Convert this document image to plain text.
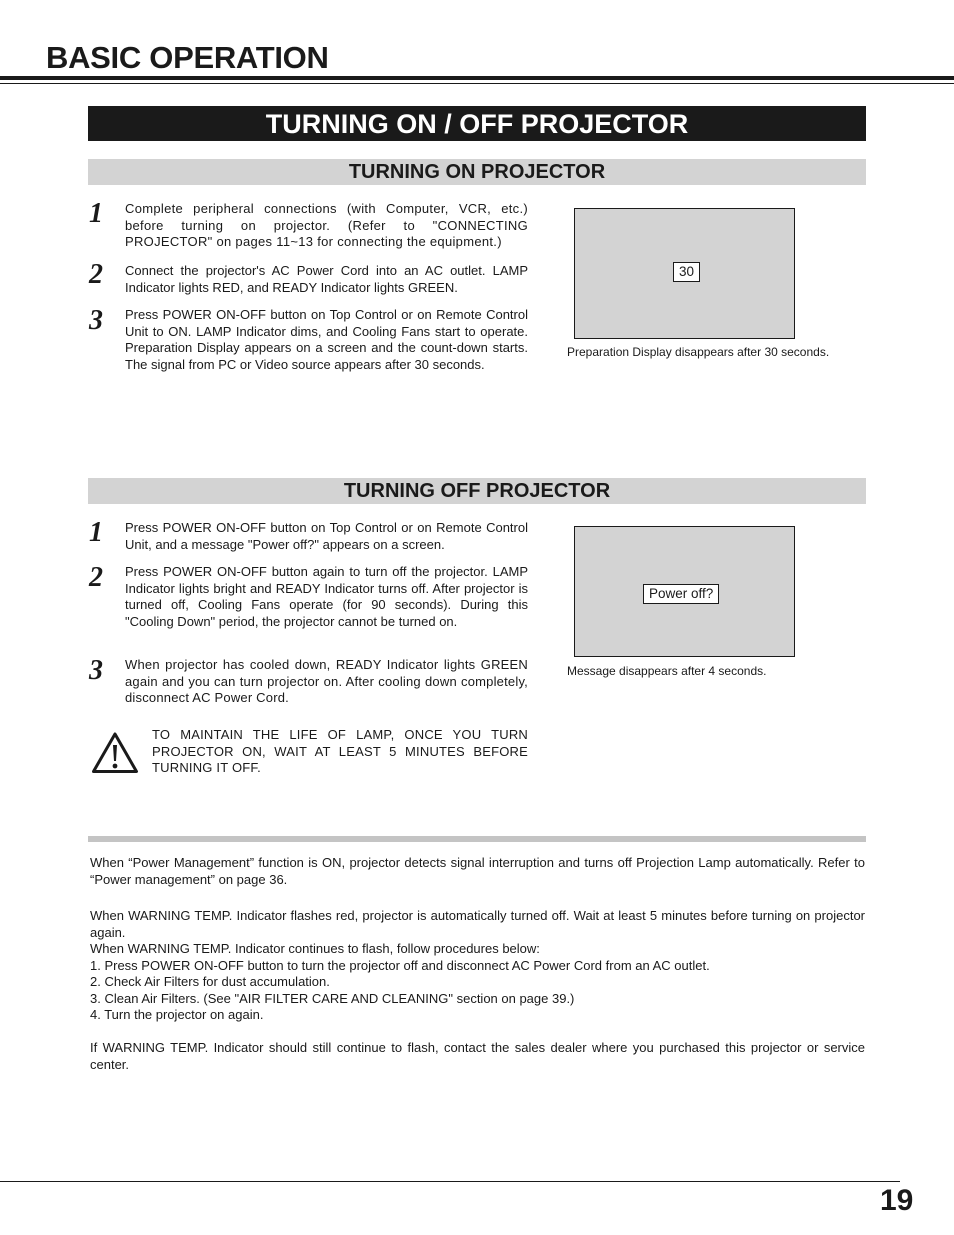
BASIC OPERATION
TURNING ON / OFF PROJECTOR
TURNING ON PROJECTOR
1 Complete peripheral connections (with Computer, VCR, etc.) before turning on projector. (Refer to "CONNECTING PROJECTOR" on pages 11~13 for connecting the equipment.)
2 Connect the projector's AC Power Cord into an AC outlet. LAMP Indicator lights RED, and READY Indicator lights GREEN.
3 Press POWER ON-OFF button on Top Control or on Remote Control Unit to ON. LAMP Indicator dims, and Cooling Fans start to operate. Preparation Display appears on a screen and the count-down starts. The signal from PC or Video source appears after 30 seconds.
30
Preparation Display disappears after 30 seconds.
TURNING OFF PROJECTOR
1 Press POWER ON-OFF button on Top Control or on Remote Control Unit, and a message "Power off?" appears on a screen.
2 Press POWER ON-OFF button again to turn off the projector. LAMP Indicator lights bright and READY Indicator turns off. After projector is turned off, Cooling Fans operate (for 90 seconds). During this "Cooling Down" period, the projector cannot be turned on.
3 When projector has cooled down, READY Indicator lights GREEN again and you can turn projector on. After cooling down completely, disconnect AC Power Cord.
Power off?
Message disappears after 4 seconds.
TO MAINTAIN THE LIFE OF LAMP, ONCE YOU TURN PROJECTOR ON, WAIT AT LEAST 5 MINUTES BEFORE TURNING IT OFF.
When “Power Management” function is ON, projector detects signal interruption and turns off Projection Lamp automatically. Refer to “Power management” on page 36.
When WARNING TEMP. Indicator flashes red, projector is automatically turned off. Wait at least 5 minutes before turning on projector again.
When WARNING TEMP. Indicator continues to flash, follow procedures below:
1. Press POWER ON-OFF button to turn the projector off and disconnect AC Power Cord from an AC outlet.
2. Check Air Filters for dust accumulation.
3. Clean Air Filters. (See "AIR FILTER CARE AND CLEANING" section on page 39.)
4. Turn the projector on again.
If WARNING TEMP. Indicator should still continue to flash, contact the sales dealer where you purchased this projector or service center.
19
